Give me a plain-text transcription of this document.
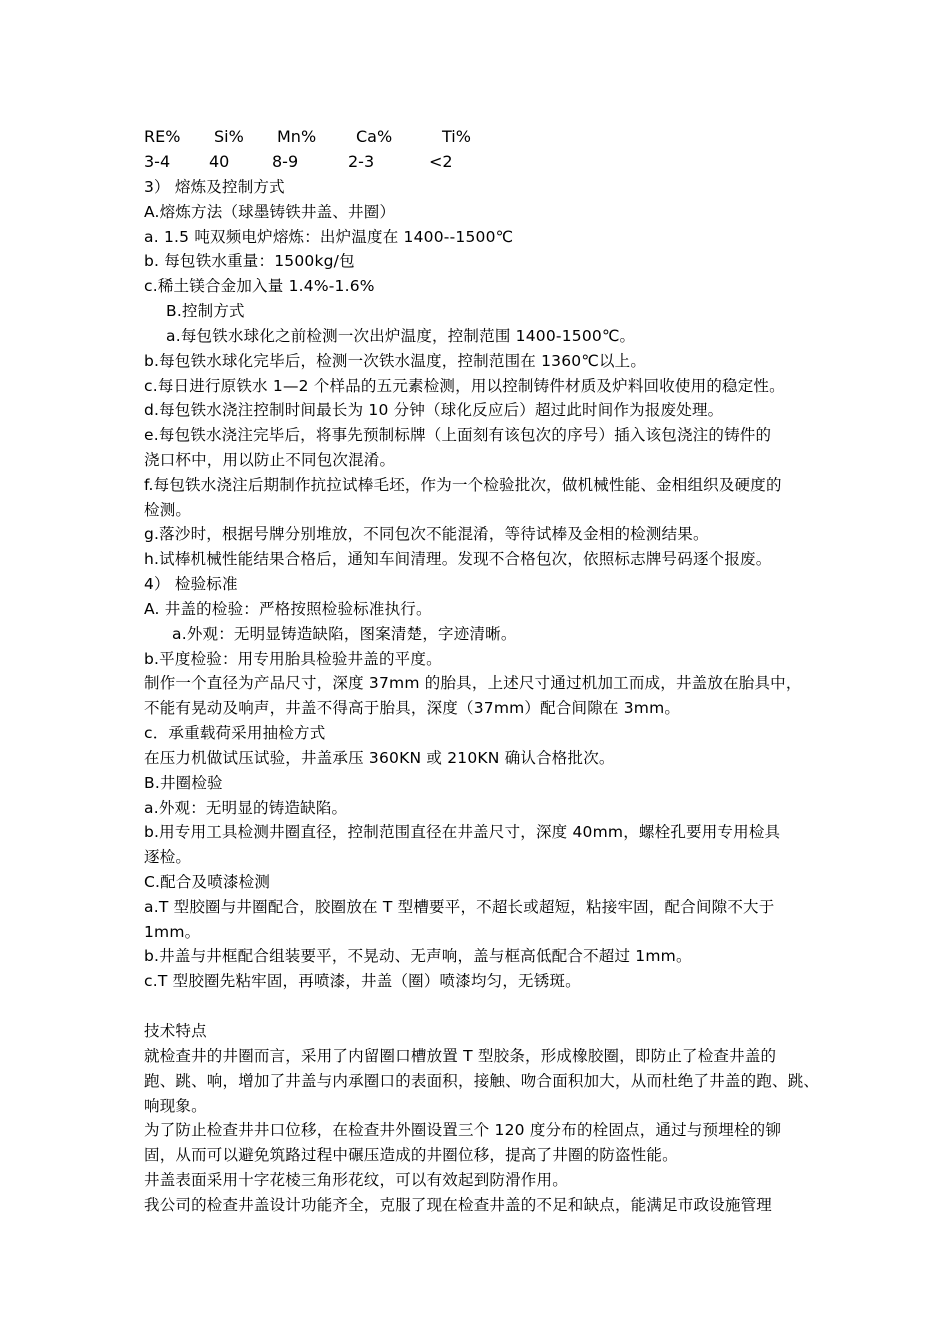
RE% Si% Mn% Ca%	Ti%
3-4 40	8-9	2-3	<2
3） 熔炼及控制方式
A.熔炼方法（球墨铸铁井盖、井圈）
a. 1.5 吨双频电炉熔炼：出炉温度在 1400--1500℃
b. 每包铁水重量：1500kg/包
c.稀土镁合金加入量 1.4%-1.6%
B.控制方式
a.每包铁水球化之前检测一次出炉温度，控制范围 1400-1500℃。
b.每包铁水球化完毕后，检测一次铁水温度，控制范围在 1360℃以上。
c.每日进行原铁水 1—2 个样品的五元素检测，用以控制铸件材质及炉料回收使用的稳定性。
d.每包铁水浇注控制时间最长为 10 分钟（球化反应后）超过此时间作为报废处理。
e.每包铁水浇注完毕后，将事先预制标牌（上面刻有该包次的序号）插入该包浇注的铸件的
浇口杯中，用以防止不同包次混淆。
f.每包铁水浇注后期制作抗拉试棒毛坯，作为一个检验批次，做机械性能、金相组织及硬度的
检测。
g.落沙时，根据号牌分别堆放，不同包次不能混淆，等待试棒及金相的检测结果。
h.试棒机械性能结果合格后，通知车间清理。发现不合格包次，依照标志牌号码逐个报废。
4） 检验标准
A. 井盖的检验：严格按照检验标准执行。
a.外观：无明显铸造缺陷，图案清楚，字迹清晰。
b.平度检验：用专用胎具检验井盖的平度。
制作一个直径为产品尺寸，深度 37mm 的胎具，上述尺寸通过机加工而成，井盖放在胎具中，
不能有晃动及响声，井盖不得高于胎具，深度（37mm）配合间隙在 3mm。
c．承重载荷采用抽检方式
在压力机做试压试验，井盖承压 360KN 或 210KN 确认合格批次。
B.井圈检验
a.外观：无明显的铸造缺陷。
b.用专用工具检测井圈直径，控制范围直径在井盖尺寸，深度 40mm，螺栓孔要用专用检具
逐检。
C.配合及喷漆检测
a.T 型胶圈与井圈配合，胶圈放在 T 型槽要平，不超长或超短，粘接牢固，配合间隙不大于
1mm。
b.井盖与井框配合组装要平，不晃动、无声响，盖与框高低配合不超过 1mm。
c.T 型胶圈先粘牢固，再喷漆，井盖（圈）喷漆均匀，无锈斑。
技术特点
就检查井的井圈而言，采用了内留圈口槽放置 T 型胶条，形成橡胶圈，即防止了检查井盖的
跑、跳、响，增加了井盖与内承圈口的表面积，接触、吻合面积加大，从而杜绝了井盖的跑、跳、
响现象。
为了防止检查井井口位移，在检查井外圈设置三个 120 度分布的栓固点，通过与预埋栓的铆
固，从而可以避免筑路过程中碾压造成的井圈位移，提高了井圈的防盗性能。
井盖表面采用十字花棱三角形花纹，可以有效起到防滑作用。
我公司的检查井盖设计功能齐全，克服了现在检查井盖的不足和缺点，能满足市政设施管理
